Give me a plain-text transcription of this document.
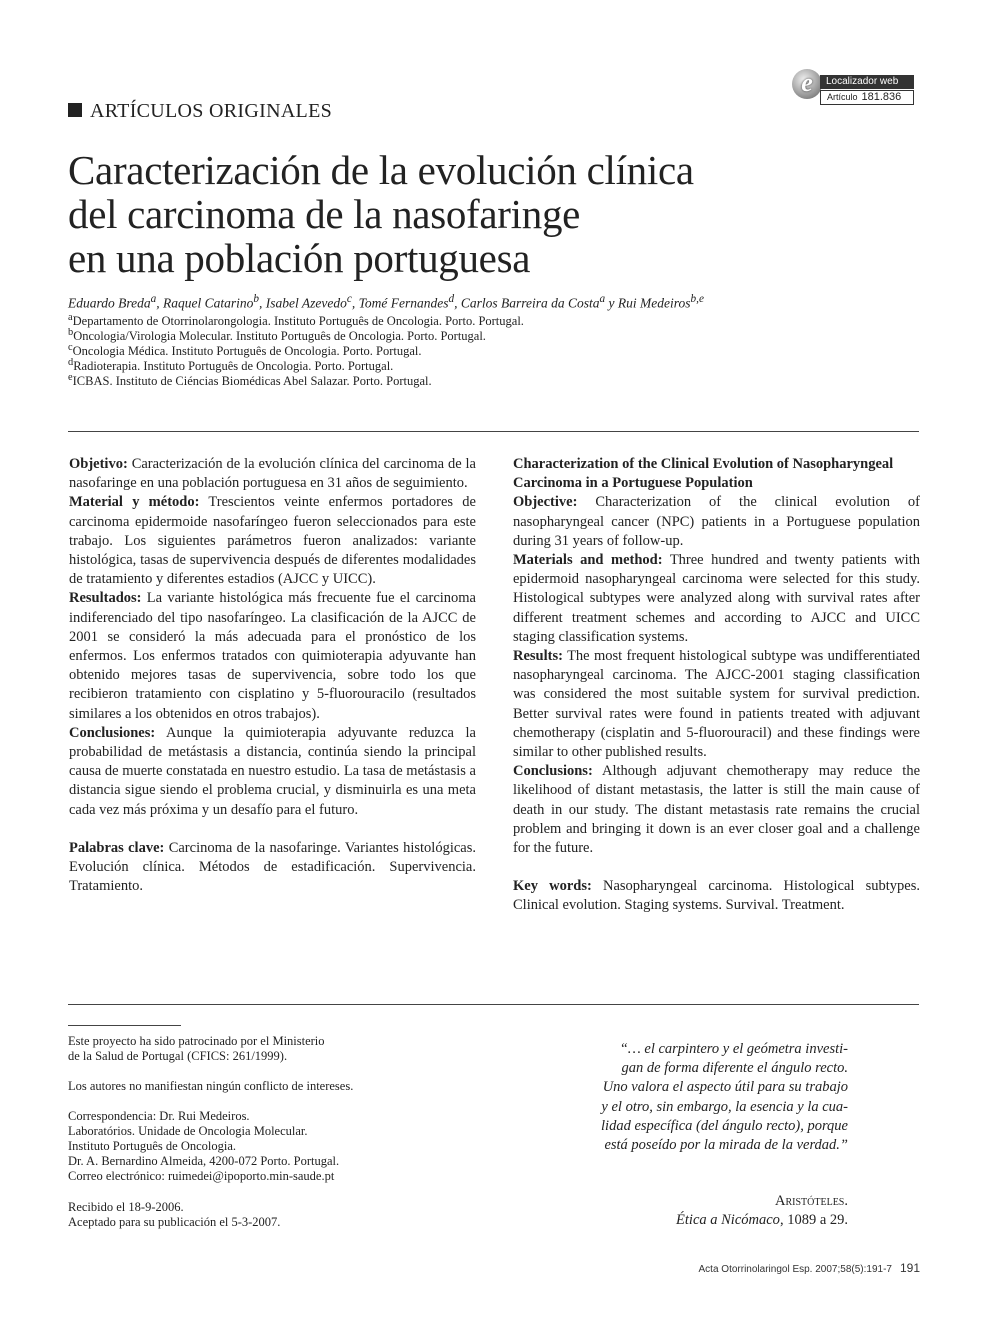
e	Localizador web
Artículo 181.836
ARTÍCULOS ORIGINALES
Caracterización de la evolución clínica
del carcinoma de la nasofaringe
en una población portuguesa
Eduardo Breda$^a$, Raquel Catarino$^b$, Isabel Azevedo$^c$, Tomé Fernandes$^d$, Carlos Barreira da Costa$^a$ y Rui Medeiros$^{b,e}$
$^a$Departamento de Otorrinolarongologia. Instituto Português de Oncologia. Porto. Portugal.
$^b$Oncologia/Virologia Molecular. Instituto Português de Oncologia. Porto. Portugal.
$^c$Oncologia Médica. Instituto Português de Oncologia. Porto. Portugal.
$^d$Radioterapia. Instituto Português de Oncologia. Porto. Portugal.
$^e$ICBAS. Instituto de Ciéncias Biomédicas Abel Salazar. Porto. Portugal.

Objetivo: Caracterización de la evolución clínica del carcinoma de la nasofaringe en una población portuguesa en 31 años de seguimiento.

Material y método: Trescientos veinte enfermos portadores de carcinoma epidermoide nasofaríngeo fueron seleccionados para este trabajo. Los siguientes parámetros fueron analizados: variante histológica, tasas de supervivencia después de diferentes modalidades de tratamiento y diferentes estadios (AJCC y UICC).

Resultados: La variante histológica más frecuente fue el carcinoma indiferenciado del tipo nasofaríngeo. La clasificación de la AJCC de 2001 se consideró la más adecuada para el pronóstico de los enfermos. Los enfermos tratados con quimioterapia adyuvante han obtenido mejores tasas de supervivencia, sobre todo los que recibieron tratamiento con cisplatino y 5-fluorouracilo (resultados similares a los obtenidos en otros trabajos).

Conclusiones: Aunque la quimioterapia adyuvante reduzca la probabilidad de metástasis a distancia, continúa siendo la principal causa de muerte constatada en nuestro estudio. La tasa de metástasis a distancia sigue siendo el problema crucial, y disminuirla es una meta cada vez más próxima y un desafío para el futuro.

Palabras clave: Carcinoma de la nasofaringe. Variantes histológicas. Evolución clínica. Métodos de estadificación. Supervivencia. Tratamiento.

Characterization of the Clinical Evolution of Nasopharyngeal Carcinoma in a Portuguese Population

Objective: Characterization of the clinical evolution of nasopharyngeal cancer (NPC) patients in a Portuguese population during 31 years of follow-up.

Materials and method: Three hundred and twenty patients with epidermoid nasopharyngeal carcinoma were selected for this study. Histological subtypes were analyzed along with survival rates after different treatment schemes and according to AJCC and UICC staging classification systems.

Results: The most frequent histological subtype was undifferentiated nasopharyngeal carcinoma. The AJCC-2001 staging classification was considered the most suitable system for survival prediction. Better survival rates were found in patients treated with adjuvant chemotherapy (cisplatin and 5-fluorouracil) and these findings were similar to other published results.

Conclusions: Although adjuvant chemotherapy may reduce the likelihood of distant metastasis, the latter is still the main cause of death in our study. The distant metastasis rate remains the crucial problem and bringing it down is an ever closer goal and a challenge for the future.

Key words: Nasopharyngeal carcinoma. Histological subtypes. Clinical evolution. Staging systems. Survival. Treatment.

Este proyecto ha sido patrocinado por el Ministerio
de la Salud de Portugal (CFICS: 261/1999).
Los autores no manifiestan ningún conflicto de intereses.
Correspondencia: Dr. Rui Medeiros.
Laboratórios. Unidade de Oncologia Molecular.
Instituto Português de Oncologia.
Dr. A. Bernardino Almeida, 4200-072 Porto. Portugal.
Correo electrónico: ruimedei@ipoporto.min-saude.pt
Recibido el 18-9-2006.
Aceptado para su publicación el 5-3-2007.
“… el carpintero y el geómetra investi-
gan de forma diferente el ángulo recto.
Uno valora el aspecto útil para su trabajo
y el otro, sin embargo, la esencia y la cua-
lidad específica (del ángulo recto), porque
está poseído por la mirada de la verdad.”
Aristóteles.
Ética a Nicómaco, 1089 a 29.
Acta Otorrinolaringol Esp. 2007;58(5):191-7 191
